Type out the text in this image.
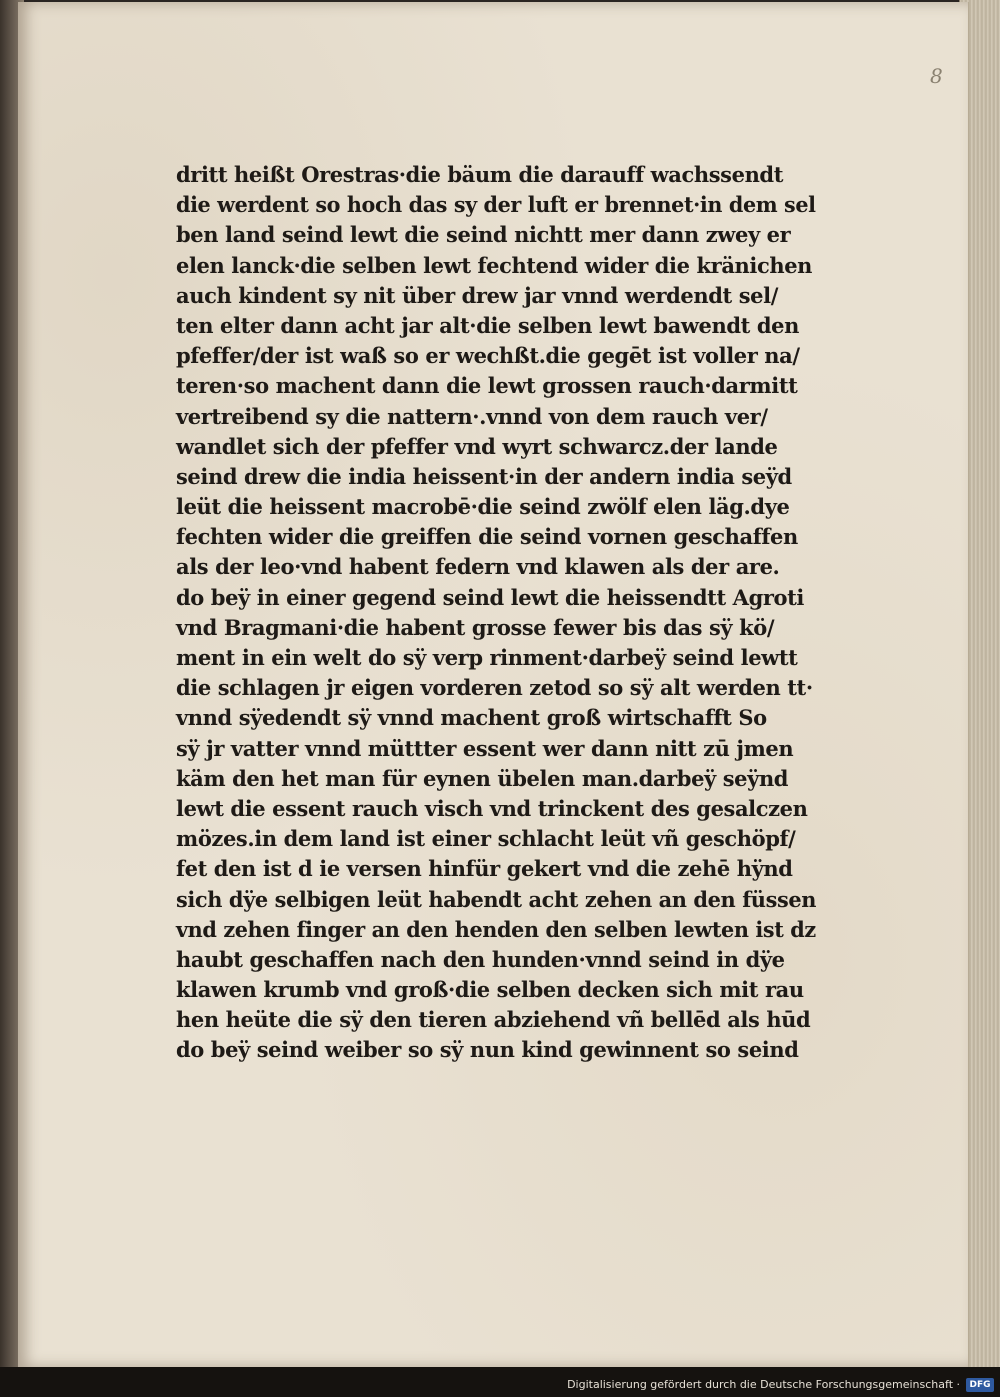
8
dritt heißt Orestras·die bäum die darauff wachssendt
die werdent so hoch das sy der luft er brennet·in dem sel
ben land seind lewt die seind nichtt mer dann zwey er
elen lanck·die selben lewt fechtend wider die kränichen
auch kindent sy nit über drew jar vnnd werdendt sel/
ten elter dann acht jar alt·die selben lewt bawendt den
pfeffer/der ist waß so er wechßt.die gegēt ist voller na/
teren·so machent dann die lewt grossen rauch·darmitt
vertreibend sy die nattern·.vnnd von dem rauch ver/
wandlet sich der pfeffer vnd wyrt schwarcz.der lande
seind drew die india heissent·in der andern india seÿd
leüt die heissent macrobē·die seind zwölf elen läg.dye
fechten wider die greiffen die seind vornen geschaffen
als der leo·vnd habent federn vnd klawen als der are.
do beÿ in einer gegend seind lewt die heissendtt Agroti
vnd Bragmani·die habent grosse fewer bis das sÿ kö/
ment in ein welt do sÿ verp rinment·darbeÿ seind lewtt
die schlagen jr eigen vorderen zetod so sÿ alt werden tt·
vnnd sÿedendt sÿ vnnd machent groß wirtschafft So
sÿ jr vatter vnnd müttter essent wer dann nitt zū jmen
käm den het man für eynen übelen man.darbeÿ seÿnd
lewt die essent rauch visch vnd trinckent des gesalczen
mözes.in dem land ist einer schlacht leüt vñ geschöpf/
fet den ist d ie versen hinfür gekert vnd die zehē hÿnd
sich dÿe selbigen leüt habendt acht zehen an den füssen
vnd zehen finger an den henden den selben lewten ist dz
haubt geschaffen nach den hunden·vnnd seind in dÿe
klawen krumb vnd groß·die selben decken sich mit rau
hen heüte die sÿ den tieren abziehend vñ bellēd als hūd
do beÿ seind weiber so sÿ nun kind gewinnent so seind
Digitalisierung gefördert durch die Deutsche Forschungsgemeinschaft ·	DFG
